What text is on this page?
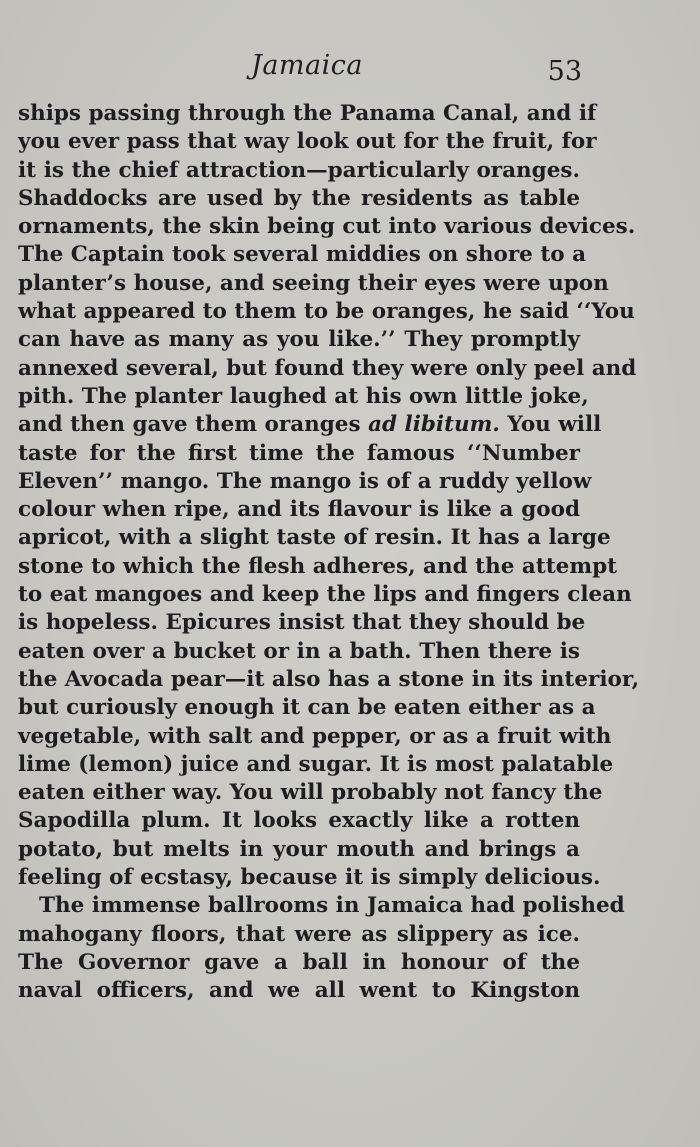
Jamaica	53
ships passing through the Panama Canal, and if
you ever pass that way look out for the fruit, for
it is the chief attraction—particularly oranges.
Shaddocks are used by the residents as table
ornaments, the skin being cut into various devices.
The Captain took several middies on shore to a
planter’s house, and seeing their eyes were upon
what appeared to them to be oranges, he said ‘‘You
can have as many as you like.’’ They promptly
annexed several, but found they were only peel and
pith. The planter laughed at his own little joke,
and then gave them oranges ad libitum. You will
taste for the first time the famous ‘‘Number
Eleven’’ mango. The mango is of a ruddy yellow
colour when ripe, and its flavour is like a good
apricot, with a slight taste of resin. It has a large
stone to which the flesh adheres, and the attempt
to eat mangoes and keep the lips and fingers clean
is hopeless. Epicures insist that they should be
eaten over a bucket or in a bath. Then there is
the Avocada pear—it also has a stone in its interior,
but curiously enough it can be eaten either as a
vegetable, with salt and pepper, or as a fruit with
lime (lemon) juice and sugar. It is most palatable
eaten either way. You will probably not fancy the
Sapodilla plum. It looks exactly like a rotten
potato, but melts in your mouth and brings a
feeling of ecstasy, because it is simply delicious.
The immense ballrooms in Jamaica had polished
mahogany floors, that were as slippery as ice.
The Governor gave a ball in honour of the
naval officers, and we all went to Kingston
